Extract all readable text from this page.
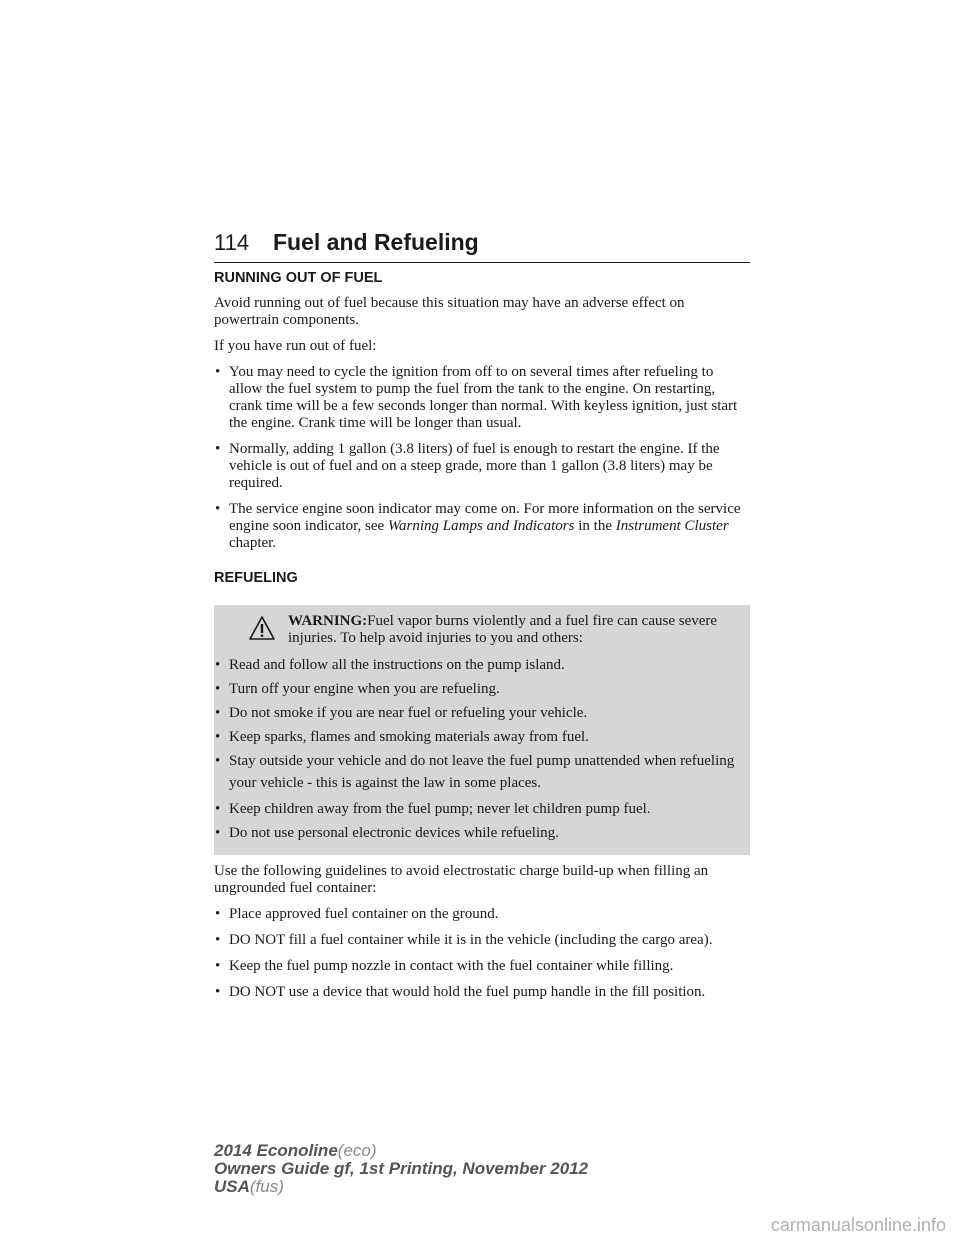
114 Fuel and Refueling
RUNNING OUT OF FUEL

Avoid running out of fuel because this situation may have an adverse effect on powertrain components.

If you have run out of fuel:

• You may need to cycle the ignition from off to on several times after refueling to allow the fuel system to pump the fuel from the tank to the engine. On restarting, crank time will be a few seconds longer than normal. With keyless ignition, just start the engine. Crank time will be longer than usual.
• Normally, adding 1 gallon (3.8 liters) of fuel is enough to restart the engine. If the vehicle is out of fuel and on a steep grade, more than 1 gallon (3.8 liters) may be required.
• The service engine soon indicator may come on. For more information on the service engine soon indicator, see Warning Lamps and Indicators in the Instrument Cluster chapter.
REFUELING
WARNING:Fuel vapor burns violently and a fuel fire can cause severe injuries. To help avoid injuries to you and others:
• Read and follow all the instructions on the pump island.
• Turn off your engine when you are refueling.
• Do not smoke if you are near fuel or refueling your vehicle.
• Keep sparks, flames and smoking materials away from fuel.
• Stay outside your vehicle and do not leave the fuel pump unattended when refueling your vehicle - this is against the law in some places.
• Keep children away from the fuel pump; never let children pump fuel.
• Do not use personal electronic devices while refueling.

Use the following guidelines to avoid electrostatic charge build-up when filling an ungrounded fuel container:

• Place approved fuel container on the ground.
• DO NOT fill a fuel container while it is in the vehicle (including the cargo area).
• Keep the fuel pump nozzle in contact with the fuel container while filling.
• DO NOT use a device that would hold the fuel pump handle in the fill position.
2014 Econoline(eco)
Owners Guide gf, 1st Printing, November 2012
USA(fus)
carmanualsonline.info
